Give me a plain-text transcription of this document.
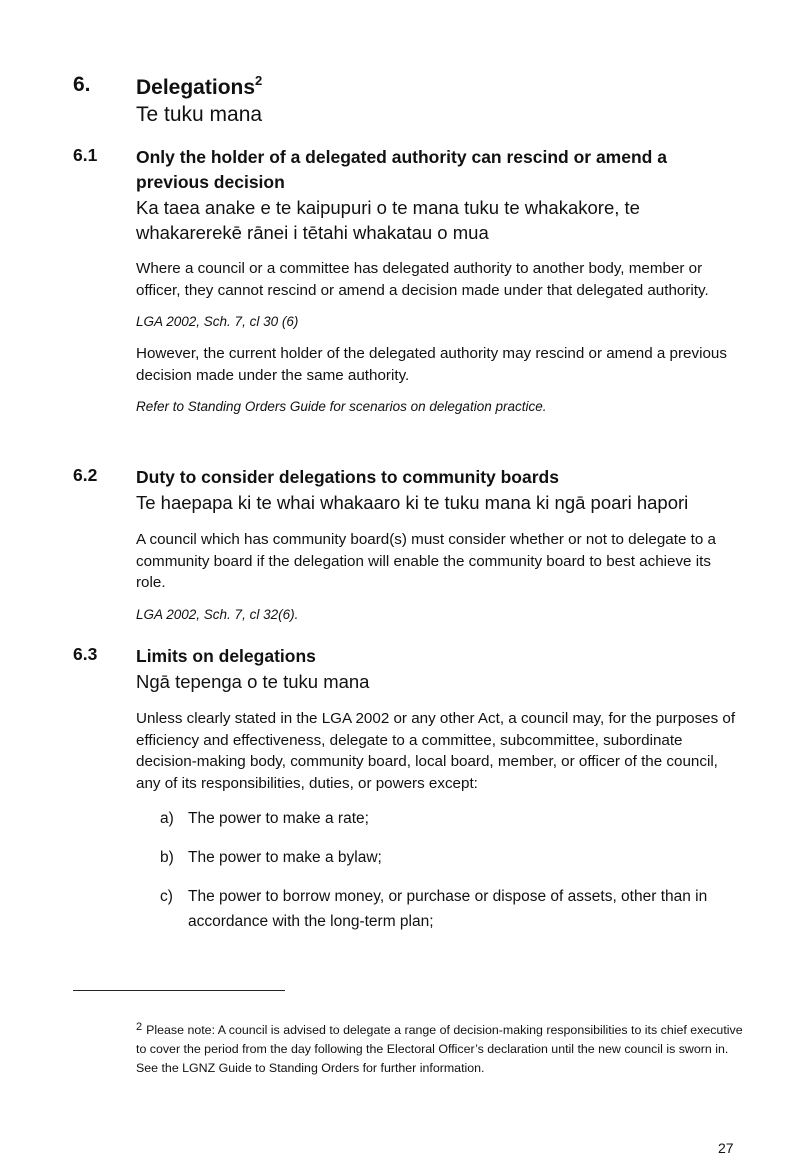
6. Delegations$^2$
Te tuku mana
6.1 Only the holder of a delegated authority can rescind or amend a
previous decision
Ka taea anake e te kaipupuri o te mana tuku te whakakore, te
whakarerekē rānei i tētahi whakatau o mua
Where a council or a committee has delegated authority to another body, member or officer, they cannot rescind or amend a decision made under that delegated authority.
LGA 2002, Sch. 7, cl 30 (6)
However, the current holder of the delegated authority may rescind or amend a previous decision made under the same authority.
Refer to Standing Orders Guide for scenarios on delegation practice.
6.2 Duty to consider delegations to community boards
Te haepapa ki te whai whakaaro ki te tuku mana ki ngā poari hapori
A council which has community board(s) must consider whether or not to delegate to a community board if the delegation will enable the community board to best achieve its role.
LGA 2002, Sch. 7, cl 32(6).
6.3 Limits on delegations
Ngā tepenga o te tuku mana
Unless clearly stated in the LGA 2002 or any other Act, a council may, for the purposes of efficiency and effectiveness, delegate to a committee, subcommittee, subordinate decision-making body, community board, local board, member, or officer of the council, any of its responsibilities, duties, or powers except:
a) The power to make a rate;
b) The power to make a bylaw;
c) The power to borrow money, or purchase or dispose of assets, other than in accordance with the long-term plan;
$^2$ Please note: A council is advised to delegate a range of decision-making responsibilities to its chief executive to cover the period from the day following the Electoral Officer’s declaration until the new council is sworn in. See the LGNZ Guide to Standing Orders for further information.
27
